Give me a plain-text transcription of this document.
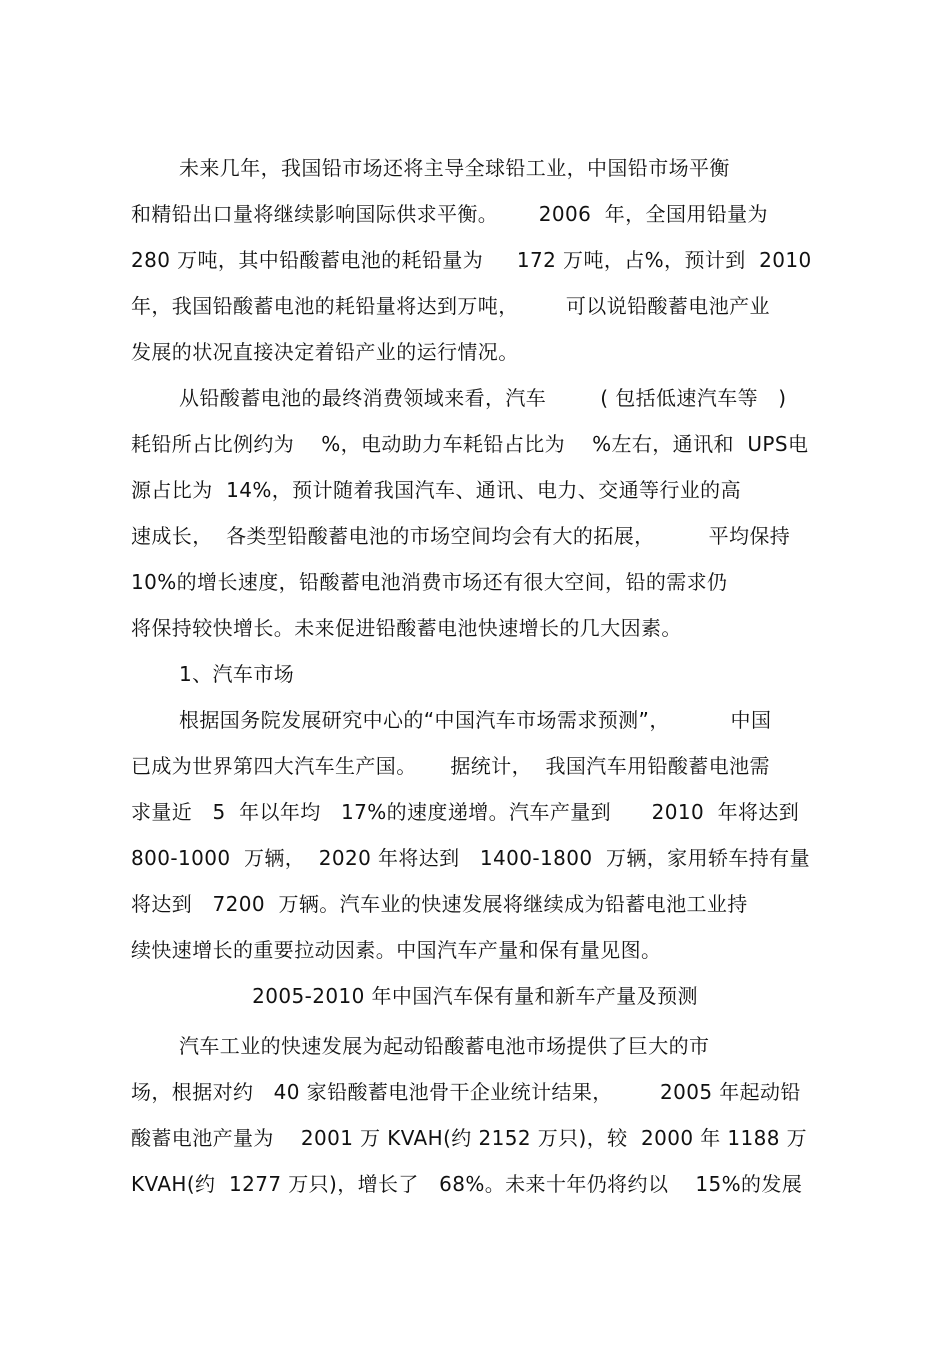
未来几年，我国铅市场还将主导全球铅工业，中国铅市场平衡
和精铅出口量将继续影响国际供求平衡。      2006  年，全国用铅量为
280 万吨，其中铅酸蓄电池的耗铅量为     172 万吨，占%，预计到  2010
年，我国铅酸蓄电池的耗铅量将达到万吨，       可以说铅酸蓄电池产业
发展的状况直接决定着铅产业的运行情况。
从铅酸蓄电池的最终消费领域来看，汽车        ( 包括低速汽车等   )
耗铅所占比例约为    %，电动助力车耗铅占比为    %左右，通讯和  UPS电
源占比为  14%，预计随着我国汽车、通讯、电力、交通等行业的高
速成长，  各类型铅酸蓄电池的市场空间均会有大的拓展，        平均保持
10%的增长速度，铅酸蓄电池消费市场还有很大空间，铅的需求仍
将保持较快增长。未来促进铅酸蓄电池快速增长的几大因素。
1、汽车市场
根据国务院发展研究中心的“中国汽车市场需求预测”，         中国
已成为世界第四大汽车生产国。     据统计，  我国汽车用铅酸蓄电池需
求量近   5  年以年均   17%的速度递增。汽车产量到      2010  年将达到
800-1000  万辆，  2020 年将达到   1400-1800  万辆，家用轿车持有量
将达到   7200  万辆。汽车业的快速发展将继续成为铅蓄电池工业持
续快速增长的重要拉动因素。中国汽车产量和保有量见图。
2005-2010 年中国汽车保有量和新车产量及预测
汽车工业的快速发展为起动铅酸蓄电池市场提供了巨大的市
场，根据对约   40 家铅酸蓄电池骨干企业统计结果，       2005 年起动铅
酸蓄电池产量为    2001 万 KVAH(约 2152 万只)，较  2000 年 1188 万
KVAH(约  1277 万只)，增长了   68%。未来十年仍将约以    15%的发展
